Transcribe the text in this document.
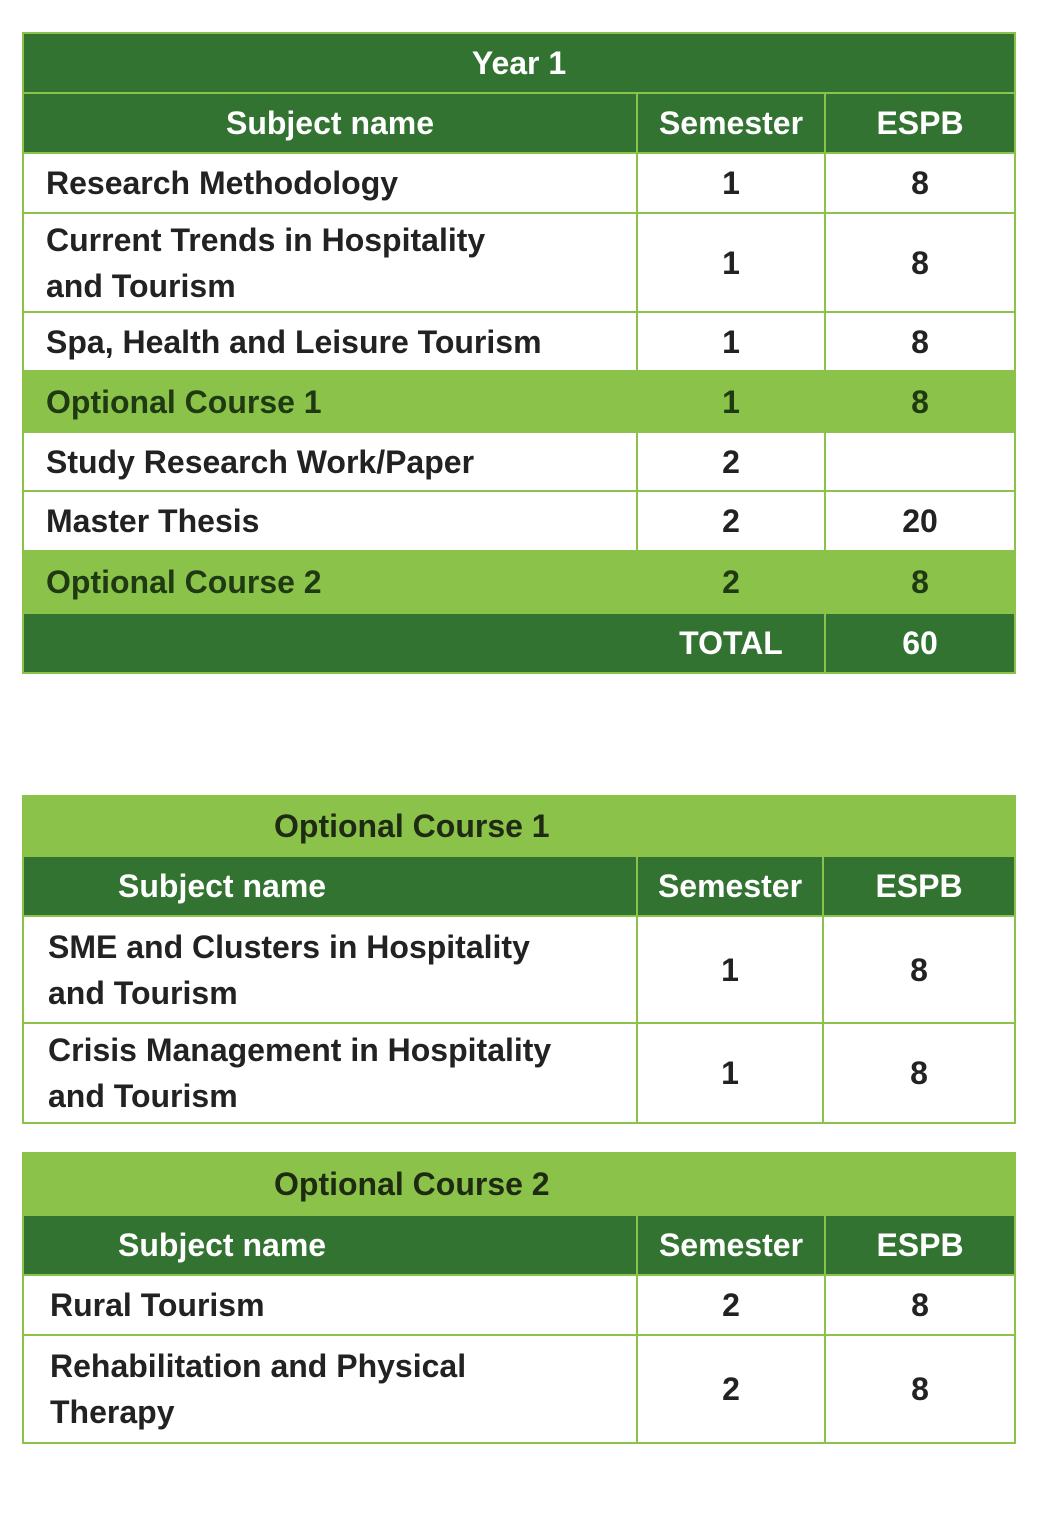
Year 1		
Subject name	Semester	ESPB
Research Methodology	1	8
Current Trends in Hospitality
and Tourism	1	8
Spa, Health and Leisure Tourism	1	8
Optional Course 1	1	8
Study Research Work/Paper	2	
Master Thesis	2	20
Optional Course 2	2	8
	TOTAL	60
Optional Course 1		
Subject name	Semester	ESPB
SME and Clusters in Hospitality
and Tourism	1	8
Crisis Management in Hospitality
and Tourism	1	8
Optional Course 2		
Subject name	Semester	ESPB
Rural Tourism	2	8
Rehabilitation and Physical
Therapy	2	8
